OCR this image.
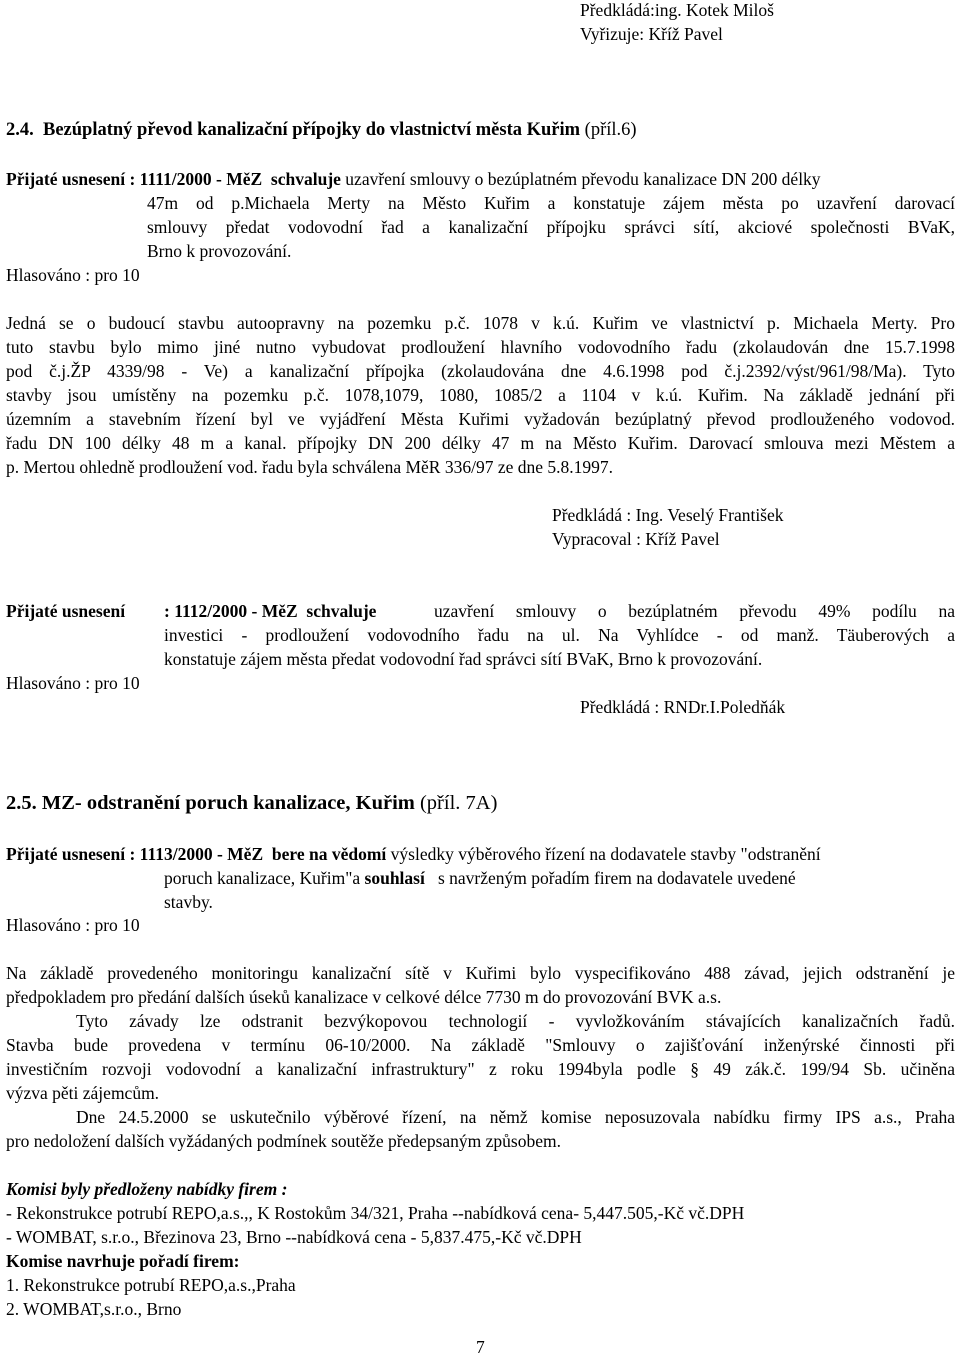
Předkládá:ing. Kotek Miloš
Vyřizuje: Kříž Pavel
2.4. Bezúplatný převod kanalizační přípojky do vlastnictví města Kuřim (příl.6)
Přijaté usnesení : 1111/2000 - MěZ schvaluje uzavření smlouvy o bezúplatném převodu kanalizace DN 200 délky
47m od p.Michaela Merty na Město Kuřim a konstatuje zájem města po uzavření darovací
smlouvy předat vodovodní řad a kanalizační přípojku správci sítí, akciové společnosti BVaK,
Brno k provozování.
Hlasováno : pro 10
Jedná se o budoucí stavbu autoopravny na pozemku p.č. 1078 v k.ú. Kuřim ve vlastnictví p. Michaela Merty. Pro
tuto stavbu bylo mimo jiné nutno vybudovat prodloužení hlavního vodovodního řadu (zkolaudován dne 15.7.1998
pod č.j.ŽP 4339/98 - Ve) a kanalizační přípojka (zkolaudována dne 4.6.1998 pod č.j.2392/výst/961/98/Ma). Tyto
stavby jsou umístěny na pozemku p.č. 1078,1079, 1080, 1085/2 a 1104 v k.ú. Kuřim. Na základě jednání při
územním a stavebním řízení byl ve vyjádření Města Kuřimi vyžadován bezúplatný převod prodlouženého vodovod.
řadu DN 100 délky 48 m a kanal. přípojky DN 200 délky 47 m na Město Kuřim. Darovací smlouva mezi Městem a
p. Mertou ohledně prodloužení vod. řadu byla schválena MěR 336/97 ze dne 5.8.1997.
Předkládá : Ing. Veselý František
Vypracoval : Kříž Pavel
Přijaté usnesení : 1112/2000 - MěZ schvaluje	uzavření smlouvy o bezúplatném převodu 49% podílu na
investici - prodloužení vodovodního řadu na ul. Na Vyhlídce - od manž. Täuberových a
konstatuje zájem města předat vodovodní řad správci sítí BVaK, Brno k provozování.
Hlasováno : pro 10
Předkládá : RNDr.I.Poledňák
2.5. MZ- odstranění poruch kanalizace, Kuřim (příl. 7A)
Přijaté usnesení : 1113/2000 - MěZ bere na vědomí výsledky výběrového řízení na dodavatele stavby "odstranění
poruch kanalizace, Kuřim"a souhlasí s navrženým pořadím firem na dodavatele uvedené
stavby.
Hlasováno : pro 10
Na základě provedeného monitoringu kanalizační sítě v Kuřimi bylo vyspecifikováno 488 závad, jejich odstranění je
předpokladem pro předání dalších úseků kanalizace v celkové délce 7730 m do provozování BVK a.s.
Tyto závady lze odstranit bezvýkopovou technologií - vyvložkováním stávajících kanalizačních řadů.
Stavba bude provedena v termínu 06-10/2000. Na základě "Smlouvy o zajišťování inženýrské činnosti při
investičním rozvoji vodovodní a kanalizační infrastruktury" z roku 1994byla podle § 49 zák.č. 199/94 Sb. učiněna
výzva pěti zájemcům.
Dne 24.5.2000 se uskutečnilo výběrové řízení, na němž komise neposuzovala nabídku firmy IPS a.s., Praha
pro nedoložení dalších vyžádaných podmínek soutěže předepsaným způsobem.
Komisi byly předloženy nabídky firem :
- Rekonstrukce potrubí REPO,a.s.,, K Rostokům 34/321, Praha --nabídková cena- 5,447.505,-Kč vč.DPH
- WOMBAT, s.r.o., Březinova 23, Brno --nabídková cena - 5,837.475,-Kč vč.DPH
Komise navrhuje pořadí firem:
1. Rekonstrukce potrubí REPO,a.s.,Praha
2. WOMBAT,s.r.o., Brno
7
